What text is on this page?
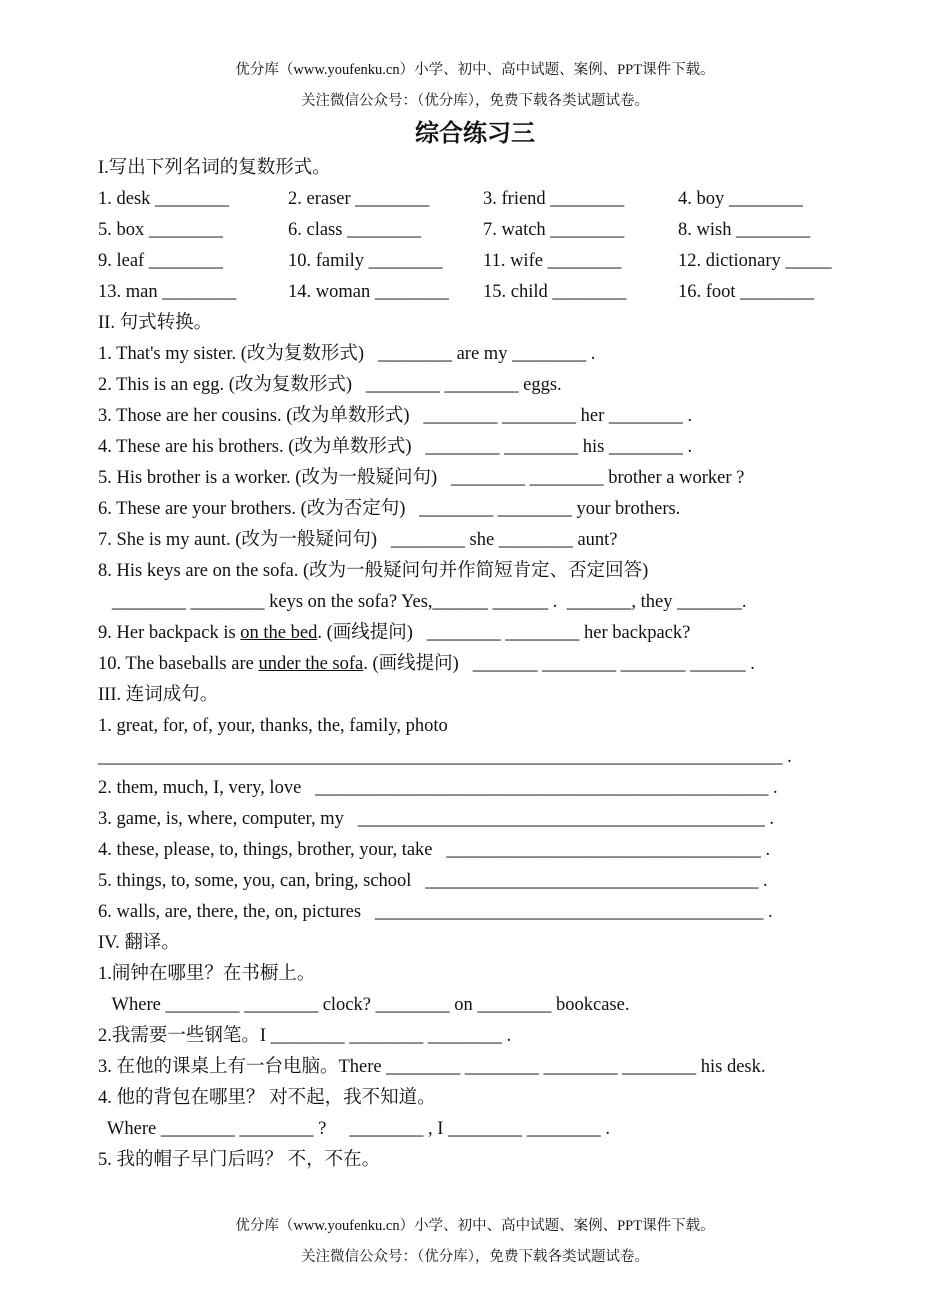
优分库（www.youfenku.cn）小学、初中、高中试题、案例、PPT课件下载。
关注微信公众号：（优分库），免费下载各类试题试卷。
综合练习三
I.写出下列名词的复数形式。
1. desk ________	2. eraser ________	3. friend ________	4. boy ________
5. box ________	6. class ________	7. watch ________	8. wish ________
9. leaf ________	10. family ________ 11. wife ________	12. dictionary _____
13. man ________	14. woman ________ 15. child ________	16. foot ________
II. 句式转换。
1. That's my sister. (改为复数形式)   ________ are my ________ .
2. This is an egg. (改为复数形式)   ________ ________ eggs.
3. Those are her cousins. (改为单数形式)   ________ ________ her ________ .
4. These are his brothers. (改为单数形式)   ________ ________ his ________ .
5. His brother is a worker. (改为一般疑问句)   ________ ________ brother a worker ?
6. These are your brothers. (改为否定句)   ________ ________ your brothers.
7. She is my aunt. (改为一般疑问句)   ________ she ________ aunt?
8. His keys are on the sofa. (改为一般疑问句并作简短肯定、否定回答)
________ ________ keys on the sofa? Yes,______ ______ .  _______, they _______.
9. Her backpack is on the bed. (画线提问)   ________ ________ her backpack?
10. The baseballs are under the sofa. (画线提问)   _______ ________ _______ ______ .
III. 连词成句。
1. great, for, of, your, thanks, the, family, photo
__________________________________________________________________________ .
2. them, much, I, very, love   _________________________________________________ .
3. game, is, where, computer, my   ____________________________________________ .
4. these, please, to, things, brother, your, take   __________________________________ .
5. things, to, some, you, can, bring, school   ____________________________________ .
6. walls, are, there, the, on, pictures   __________________________________________ .
IV. 翻译。
1.闹钟在哪里？在书橱上。
Where ________ ________ clock? ________ on ________ bookcase.
2.我需要一些钢笔。I ________ ________ ________ .
3. 在他的课桌上有一台电脑。There ________ ________ ________ ________ his desk.
4. 他的背包在哪里？ 对不起，我不知道。
Where ________ ________ ?     ________ , I ________ ________ .
5. 我的帽子早门后吗？ 不，不在。
优分库（www.youfenku.cn）小学、初中、高中试题、案例、PPT课件下载。
关注微信公众号：（优分库），免费下载各类试题试卷。
